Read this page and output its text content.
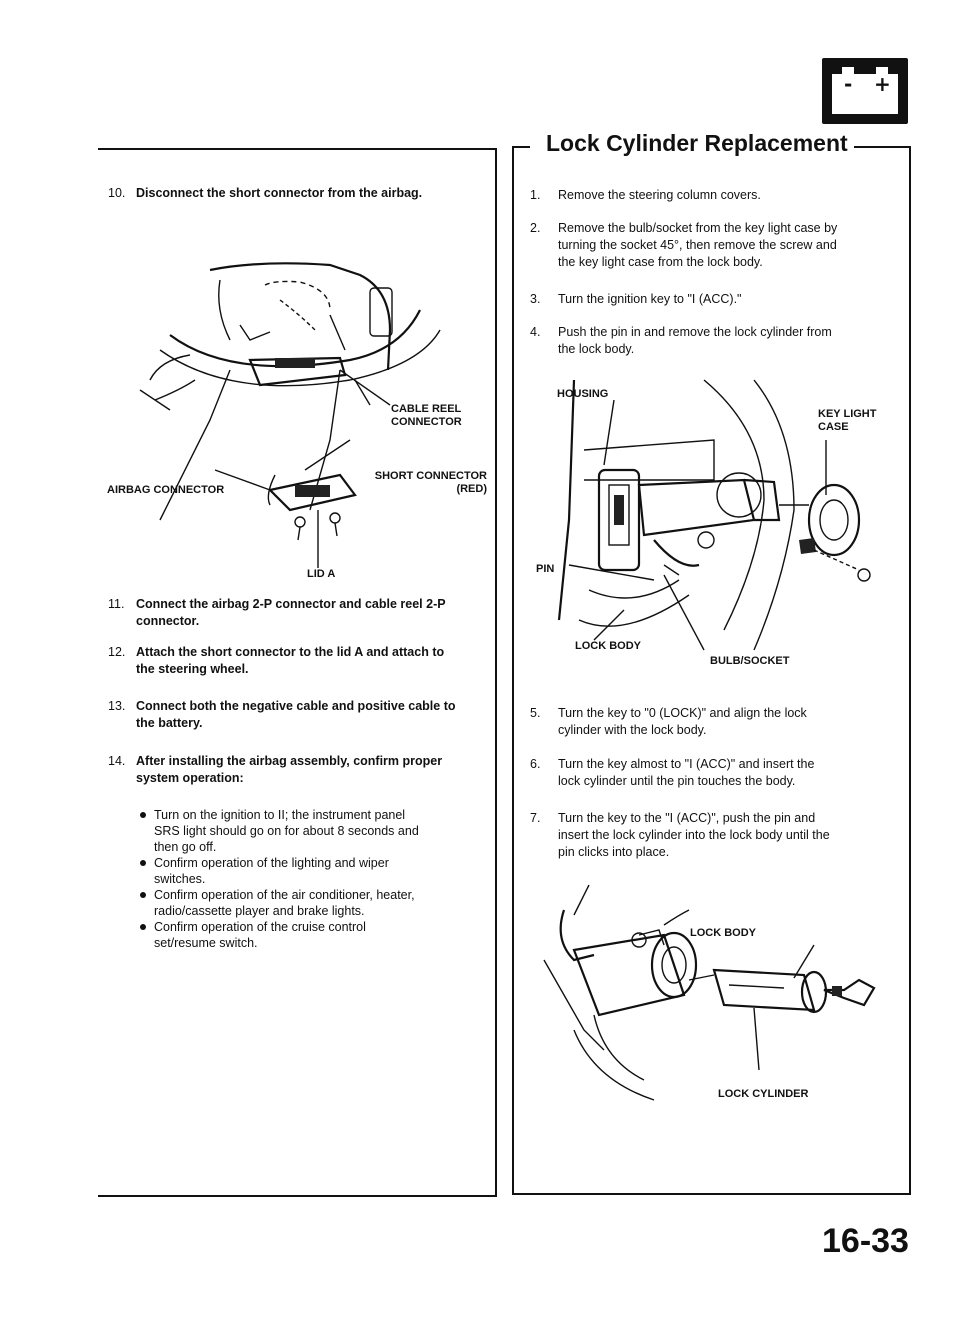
- +
Lock Cylinder Replacement
10. Disconnect the short connector from the airbag.
CABLE REEL
CONNECTOR
SHORT CONNECTOR
(RED)
AIRBAG CONNECTOR
LID A
11. Connect the airbag 2-P connector and cable reel 2-P
connector.
12. Attach the short connector to the lid A and attach to
the steering wheel.
13. Connect both the negative cable and positive cable to
the battery.
14. After installing the airbag assembly, confirm proper
system operation:
Turn on the ignition to II; the instrument panel
SRS light should go on for about 8 seconds and
then go off.
Confirm operation of the lighting and wiper
switches.
Confirm operation of the air conditioner, heater,
radio/cassette player and brake lights.
Confirm operation of the cruise control
set/resume switch.
1. Remove the steering column covers.
2. Remove the bulb/socket from the key light case by
turning the socket 45°, then remove the screw and
the key light case from the lock body.
3. Turn the ignition key to "I (ACC)."
4. Push the pin in and remove the lock cylinder from
the lock body.
HOUSING
KEY LIGHT
CASE
PIN
LOCK BODY
BULB/SOCKET
5. Turn the key to "0 (LOCK)" and align the lock
cylinder with the lock body.
6. Turn the key almost to "I (ACC)" and insert the
lock cylinder until the pin touches the body.
7. Turn the key to the "I (ACC)", push the pin and
insert the lock cylinder into the lock body until the
pin clicks into place.
LOCK BODY
LOCK CYLINDER
16-33
